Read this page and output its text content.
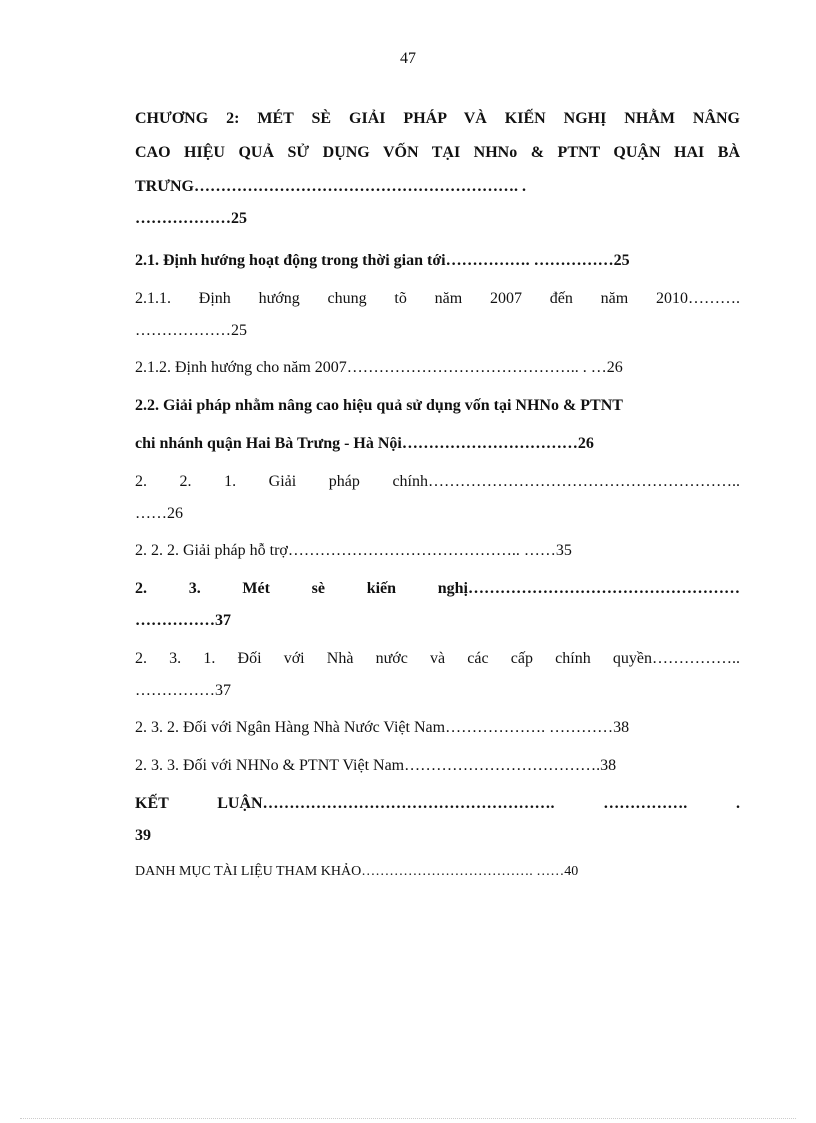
47
CHƯƠNG 2: MÉT SÈ GIẢI PHÁP VÀ KIẾN NGHỊ NHẰM NÂNG
CAO HIỆU QUẢ SỬ DỤNG VỐN TẠI NHNo & PTNT QUẬN HAI BÀ
TRƯNG……………………………………………………. .
………………25
2.1. Định hướng hoạt động trong thời gian tới……………. ……………25
2.1.1. Định hướng chung tõ năm 2007 đến năm 2010……….
………………25
2.1.2. Định hướng cho năm 2007…………………………………….. . …26
2.2. Giải pháp nhằm nâng cao hiệu quả sử dụng vốn tại NHNo & PTNT
chi nhánh quận Hai Bà Trưng - Hà Nội……………………………26
2. 2. 1. Giải pháp chính…………………………………………………..
……26
2. 2. 2. Giải pháp hỗ trợ…………………………………….. ……35
2. 3. Mét sè kiến nghị……………………………………………
……………37
2. 3. 1. Đối với Nhà nước và các cấp chính quyền……………..
……………37
2. 3. 2. Đối với Ngân Hàng Nhà Nước Việt Nam………………. …………38
2. 3. 3. Đối với NHNo & PTNT Việt Nam……………………………….38
KẾT LUẬN………………………………………………. ……………. .
39
DANH MỤC TÀI LIỆU THAM KHẢO………………………………. ……40
